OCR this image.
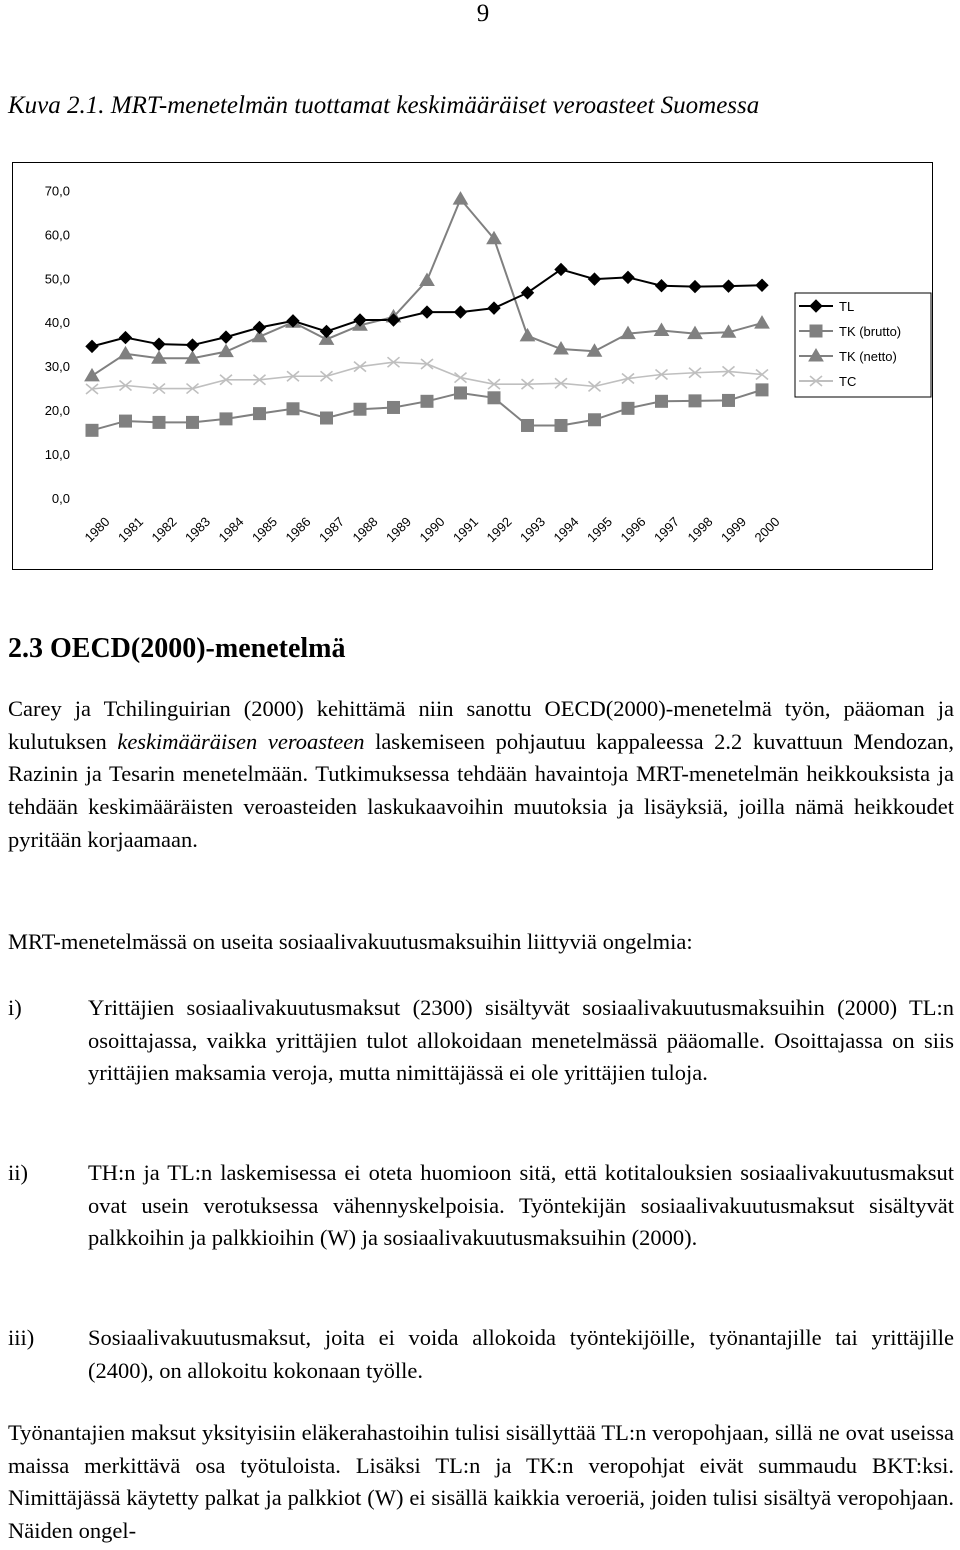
9
Kuva 2.1. MRT-menetelmän tuottamat keskimääräiset veroasteet Suomessa
0,0
10,0
20,0
30,0
40,0
50,0
60,0
70,0
1980 1981 1982 1983 1984 1985 1986 1987 1988 1989 1990 1991 1992 1993 1994 1995 1996 1997 1998 1999 2000
TL
TK (brutto)
TK (netto)
TC
2.3 OECD(2000)-menetelmä

Carey ja Tchilinguirian (2000) kehittämä niin sanottu OECD(2000)-menetelmä työn, pääoman ja kulutuksen keskimääräisen veroasteen laskemiseen pohjautuu kappaleessa 2.2 kuvattuun Mendozan, Razinin ja Tesarin menetelmään. Tutkimuksessa tehdään havaintoja MRT-menetelmän heikkouksista ja tehdään keskimääräisten veroasteiden laskukaavoihin muutoksia ja lisäyksiä, joilla nämä heikkoudet pyritään korjaamaan.

MRT-menetelmässä on useita sosiaalivakuutusmaksuihin liittyviä ongelmia:

i)	Yrittäjien sosiaalivakuutusmaksut (2300) sisältyvät sosiaalivakuutusmaksuihin (2000) TL:n osoittajassa, vaikka yrittäjien tulot allokoidaan menetelmässä pääomalle. Osoittajassa on siis yrittäjien maksamia veroja, mutta nimittäjässä ei ole yrittäjien tuloja.
ii)	TH:n ja TL:n laskemisessa ei oteta huomioon sitä, että kotitalouksien sosiaalivakuutusmaksut ovat usein verotuksessa vähennyskelpoisia. Työntekijän sosiaalivakuutusmaksut sisältyvät palkkoihin ja palkkioihin (W) ja sosiaalivakuutusmaksuihin (2000).
iii) Sosiaalivakuutusmaksut, joita ei voida allokoida työntekijöille, työnantajille tai yrittäjille (2400), on allokoitu kokonaan työlle.

Työnantajien maksut yksityisiin eläkerahastoihin tulisi sisällyttää TL:n veropohjaan, sillä ne ovat useissa maissa merkittävä osa työtuloista. Lisäksi TL:n ja TK:n veropohjat eivät summaudu BKT:ksi. Nimittäjässä käytetty palkat ja palkkiot (W) ei sisällä kaikkia veroeriä, joiden tulisi sisältyä veropohjaan. Näiden ongel-
